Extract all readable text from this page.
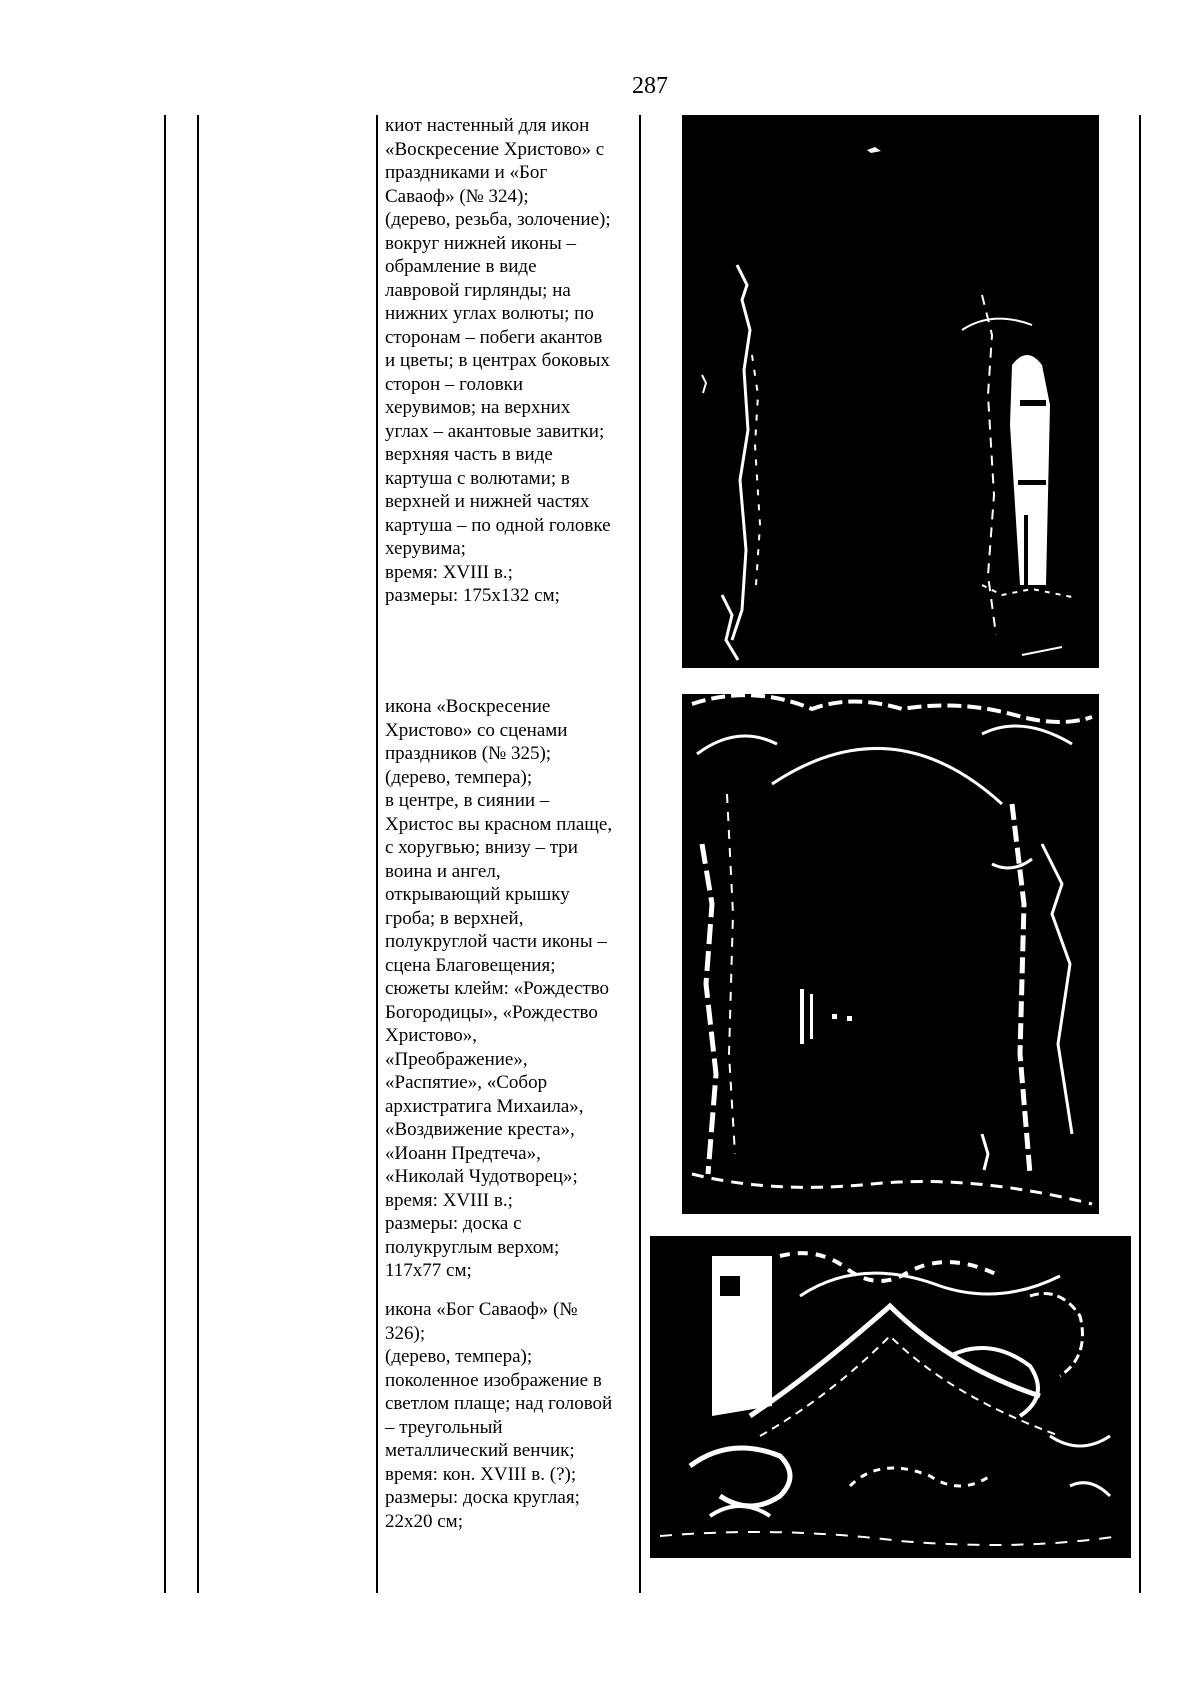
287
киот настенный для икон
«Воскресение Христово» с
праздниками и «Бог
Саваоф» (№ 324);
(дерево, резьба, золочение);
вокруг нижней иконы –
обрамление в виде
лавровой гирлянды; на
нижних углах волюты; по
сторонам – побеги акантов
и цветы; в центрах боковых
сторон – головки
херувимов; на верхних
углах – акантовые завитки;
верхняя часть в виде
картуша с волютами; в
верхней и нижней частях
картуша – по одной головке
херувима;
время: XVIII в.;
размеры: 175х132 см;
икона «Воскресение
Христово» со сценами
праздников (№ 325);
(дерево, темпера);
в центре, в сиянии –
Христос вы красном плаще,
с хоругвью; внизу – три
воина и ангел,
открывающий крышку
гроба; в верхней,
полукруглой части иконы –
сцена Благовещения;
сюжеты клейм: «Рождество
Богородицы», «Рождество
Христово»,
«Преображение»,
«Распятие», «Собор
архистратига Михаила»,
«Воздвижение креста»,
«Иоанн Предтеча»,
«Николай Чудотворец»;
время: XVIII в.;
размеры: доска с
полукруглым верхом;
117х77 см;
икона «Бог Саваоф» (№
326);
(дерево, темпера);
поколенное изображение в
светлом плаще; над головой
– треугольный
металлический венчик;
время: кон. XVIII в. (?);
размеры: доска круглая;
22х20 см;
